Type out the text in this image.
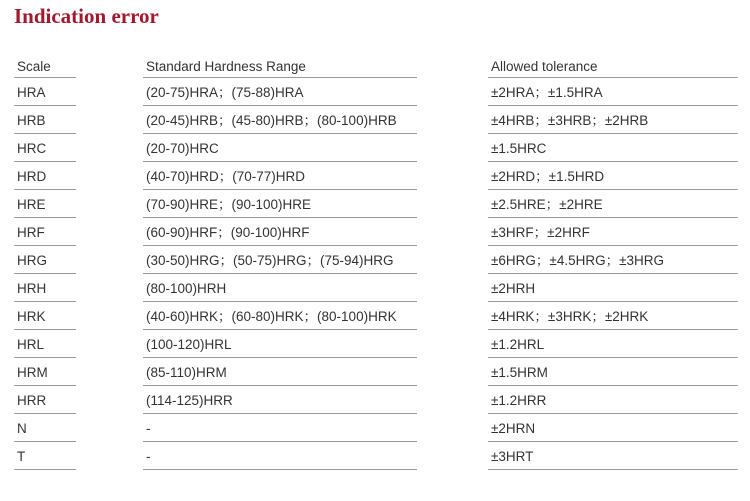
Indication error
Scale	Standard Hardness Range	Allowed tolerance
HRA	(20-75)HRA；(75-88)HRA	±2HRA；±1.5HRA
HRB	(20-45)HRB；(45-80)HRB；(80-100)HRB	±4HRB；±3HRB；±2HRB
HRC	(20-70)HRC	±1.5HRC
HRD	(40-70)HRD；(70-77)HRD	±2HRD；±1.5HRD
HRE	(70-90)HRE；(90-100)HRE	±2.5HRE；±2HRE
HRF	(60-90)HRF；(90-100)HRF	±3HRF；±2HRF
HRG	(30-50)HRG；(50-75)HRG；(75-94)HRG	±6HRG；±4.5HRG；±3HRG
HRH	(80-100)HRH	±2HRH
HRK	(40-60)HRK；(60-80)HRK；(80-100)HRK	±4HRK；±3HRK；±2HRK
HRL	(100-120)HRL	±1.2HRL
HRM	(85-110)HRM	±1.5HRM
HRR	(114-125)HRR	±1.2HRR
N	-	±2HRN
T	-	±3HRT
